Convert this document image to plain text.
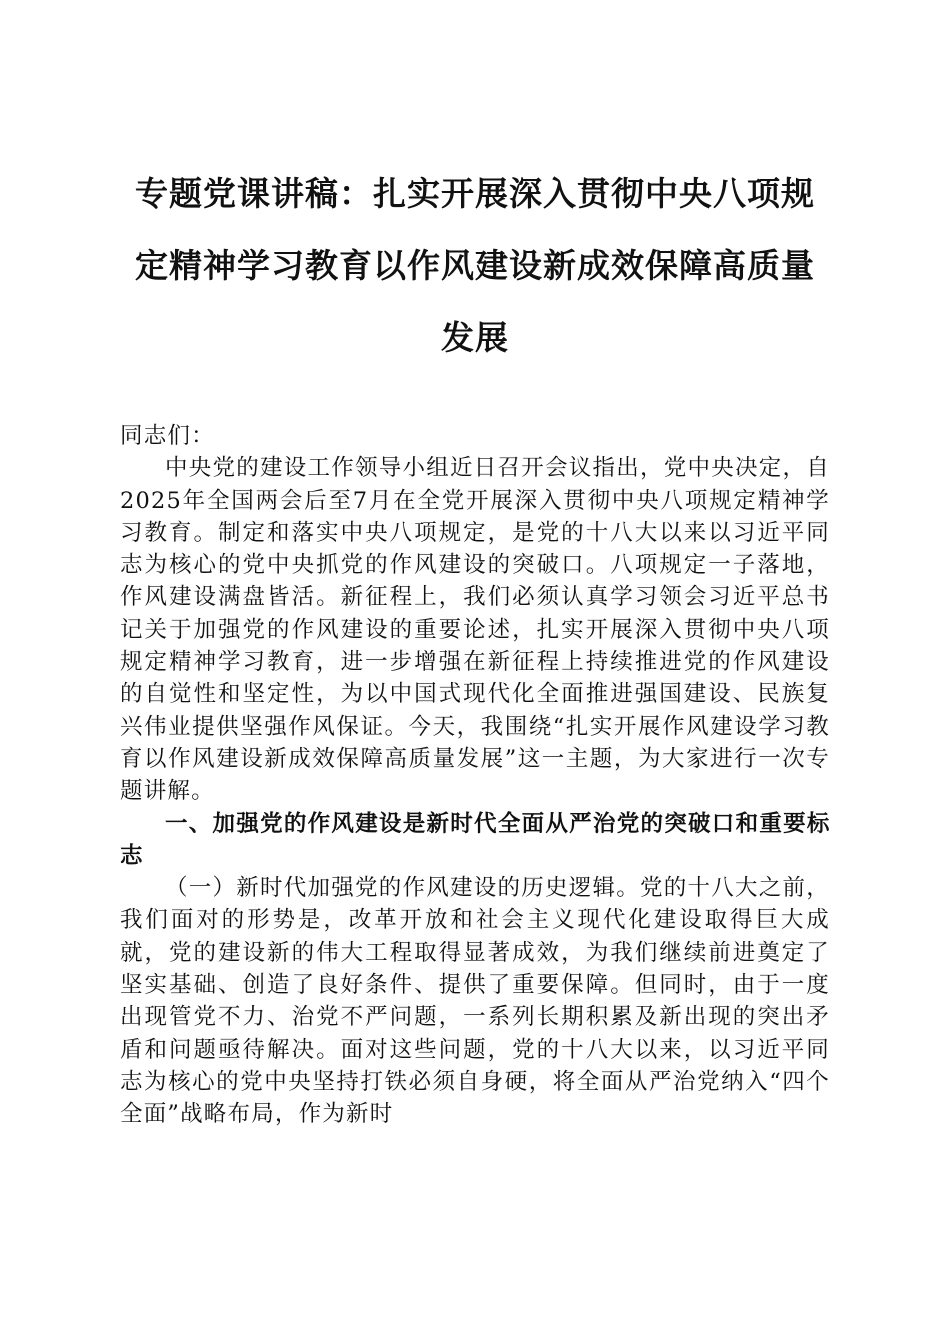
专题党课讲稿：扎实开展深入贯彻中央八项规定精神学习教育以作风建设新成效保障高质量发展

同志们：

中央党的建设工作领导小组近日召开会议指出，党中央决定，自2025年全国两会后至7月在全党开展深入贯彻中央八项规定精神学习教育。制定和落实中央八项规定，是党的十八大以来以习近平同志为核心的党中央抓党的作风建设的突破口。八项规定一子落地，作风建设满盘皆活。新征程上，我们必须认真学习领会习近平总书记关于加强党的作风建设的重要论述，扎实开展深入贯彻中央八项规定精神学习教育，进一步增强在新征程上持续推进党的作风建设的自觉性和坚定性，为以中国式现代化全面推进强国建设、民族复兴伟业提供坚强作风保证。今天，我围绕“扎实开展作风建设学习教育以作风建设新成效保障高质量发展”这一主题，为大家进行一次专题讲解。

一、加强党的作风建设是新时代全面从严治党的突破口和重要标志

（一）新时代加强党的作风建设的历史逻辑。党的十八大之前，我们面对的形势是，改革开放和社会主义现代化建设取得巨大成就，党的建设新的伟大工程取得显著成效，为我们继续前进奠定了坚实基础、创造了良好条件、提供了重要保障。但同时，由于一度出现管党不力、治党不严问题，一系列长期积累及新出现的突出矛盾和问题亟待解决。面对这些问题，党的十八大以来，以习近平同志为核心的党中央坚持打铁必须自身硬，将全面从严治党纳入“四个全面”战略布局，作为新时
